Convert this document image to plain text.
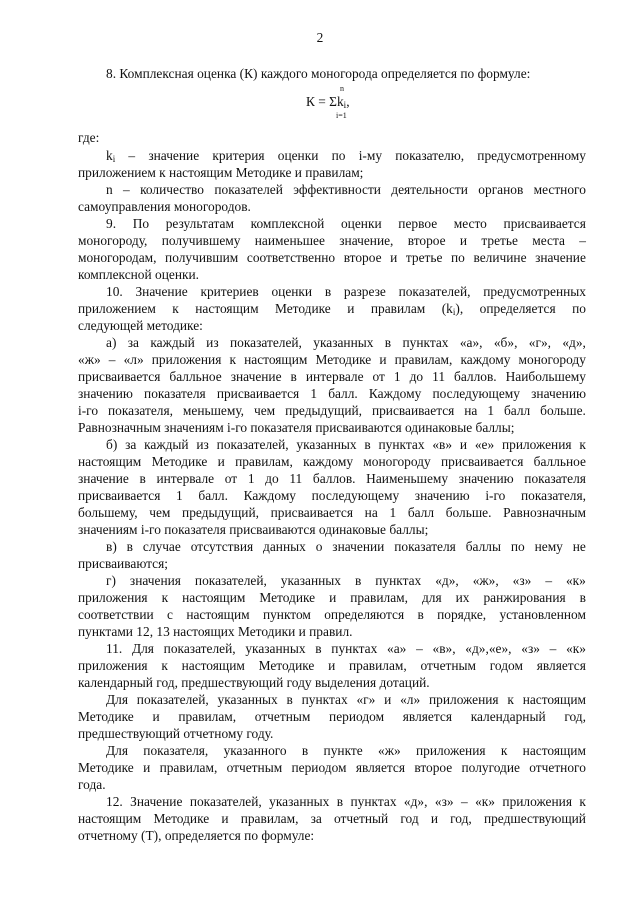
2
n
$К = \Sigma k_i$,
i=1
8. Комплексная оценка (К) каждого моногорода определяется по формуле:
где:
$k_i$ – значение критерия оценки по i-му показателю, предусмотренному
приложением к настоящим Методике и правилам;
n – количество показателей эффективности деятельности органов местного
самоуправления моногородов.
9. По результатам комплексной оценки первое место присваивается
моногороду, получившему наименьшее значение, второе и третье места –
моногородам, получившим соответственно второе и третье по величине значение
комплексной оценки.
10. Значение критериев оценки в разрезе показателей, предусмотренных
приложением к настоящим Методике и правилам $(k_i)$, определяется по
следующей методике:
а) за каждый из показателей, указанных в пунктах «а», «б», «г», «д»,
«ж» – «л» приложения к настоящим Методике и правилам, каждому моногороду
присваивается балльное значение в интервале от 1 до 11 баллов. Наибольшему
значению показателя присваивается 1 балл. Каждому последующему значению
i-го показателя, меньшему, чем предыдущий, присваивается на 1 балл больше.
Равнозначным значениям i-го показателя присваиваются одинаковые баллы;
б) за каждый из показателей, указанных в пунктах «в» и «е» приложения к
настоящим Методике и правилам, каждому моногороду присваивается балльное
значение в интервале от 1 до 11 баллов. Наименьшему значению показателя
присваивается 1 балл. Каждому последующему значению i-го показателя,
большему, чем предыдущий, присваивается на 1 балл больше. Равнозначным
значениям i-го показателя присваиваются одинаковые баллы;
в) в случае отсутствия данных о значении показателя баллы по нему не
присваиваются;
г) значения показателей, указанных в пунктах «д», «ж», «з» – «к»
приложения к настоящим Методике и правилам, для их ранжирования в
соответствии с настоящим пунктом определяются в порядке, установленном
пунктами 12, 13 настоящих Методики и правил.
11. Для показателей, указанных в пунктах «а» – «в», «д»,«е», «з» – «к»
приложения к настоящим Методике и правилам, отчетным годом является
календарный год, предшествующий году выделения дотаций.
Для показателей, указанных в пунктах «г» и «л» приложения к настоящим
Методике и правилам, отчетным периодом является календарный год,
предшествующий отчетному году.
Для показателя, указанного в пункте «ж» приложения к настоящим
Методике и правилам, отчетным периодом является второе полугодие отчетного
года.
12. Значение показателей, указанных в пунктах «д», «з» – «к» приложения к
настоящим Методике и правилам, за отчетный год и год, предшествующий
отчетному (Т), определяется по формуле:
